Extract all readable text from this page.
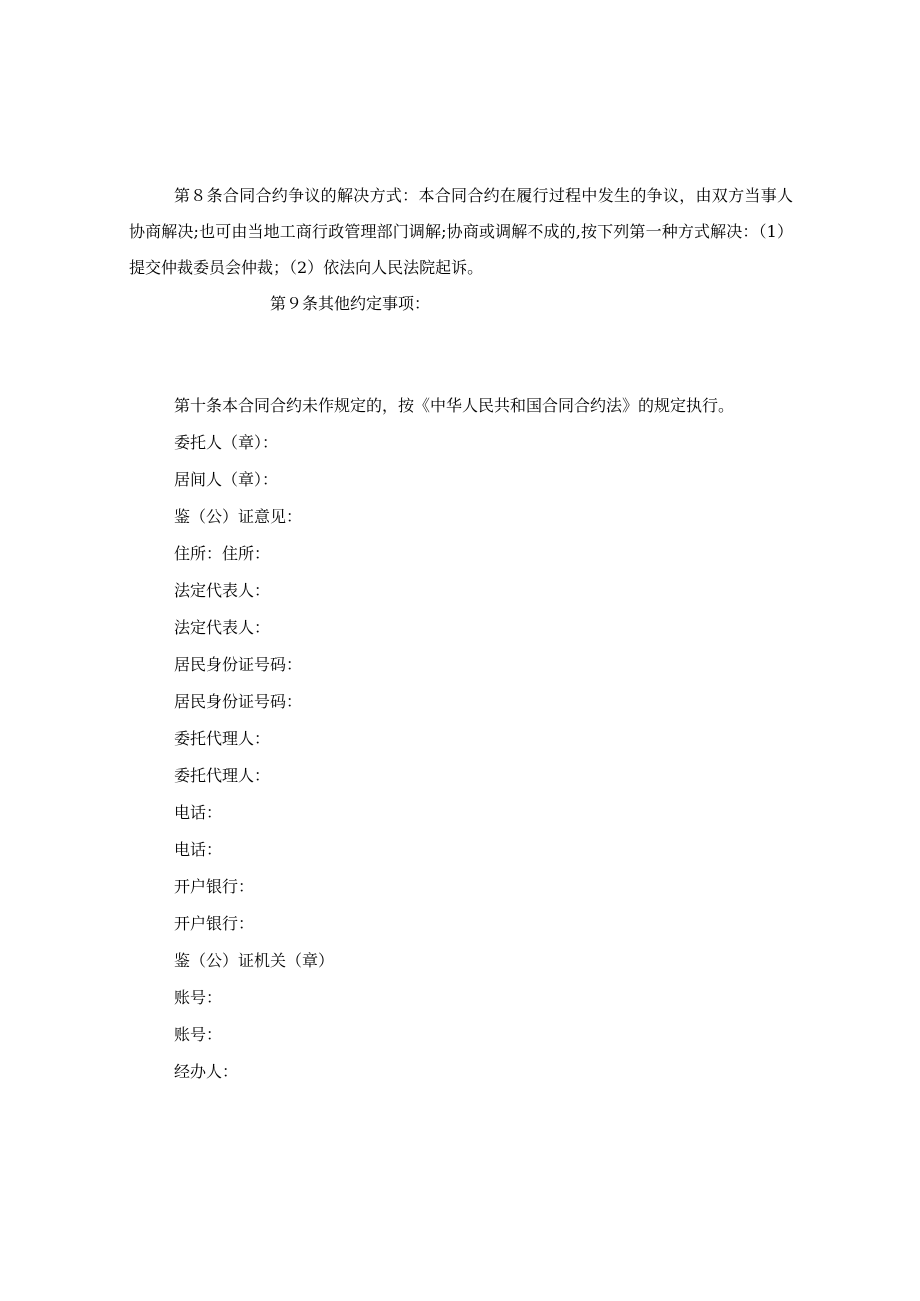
第８条合同合约争议的解决方式：本合同合约在履行过程中发生的争议，由双方当事人协商解决;也可由当地工商行政管理部门调解;协商或调解不成的,按下列第一种方式解决：（1）提交仲裁委员会仲裁；（2）依法向人民法院起诉。

第９条其他约定事项：

第十条本合同合约未作规定的，按《中华人民共和国合同合约法》的规定执行。

委托人（章）：
居间人（章）：
鉴（公）证意见：
住所：住所：
法定代表人：
法定代表人：
居民身份证号码：
居民身份证号码：
委托代理人：
委托代理人：
电话：
电话：
开户银行：
开户银行：
鉴（公）证机关（章）
账号：
账号：
经办人：
